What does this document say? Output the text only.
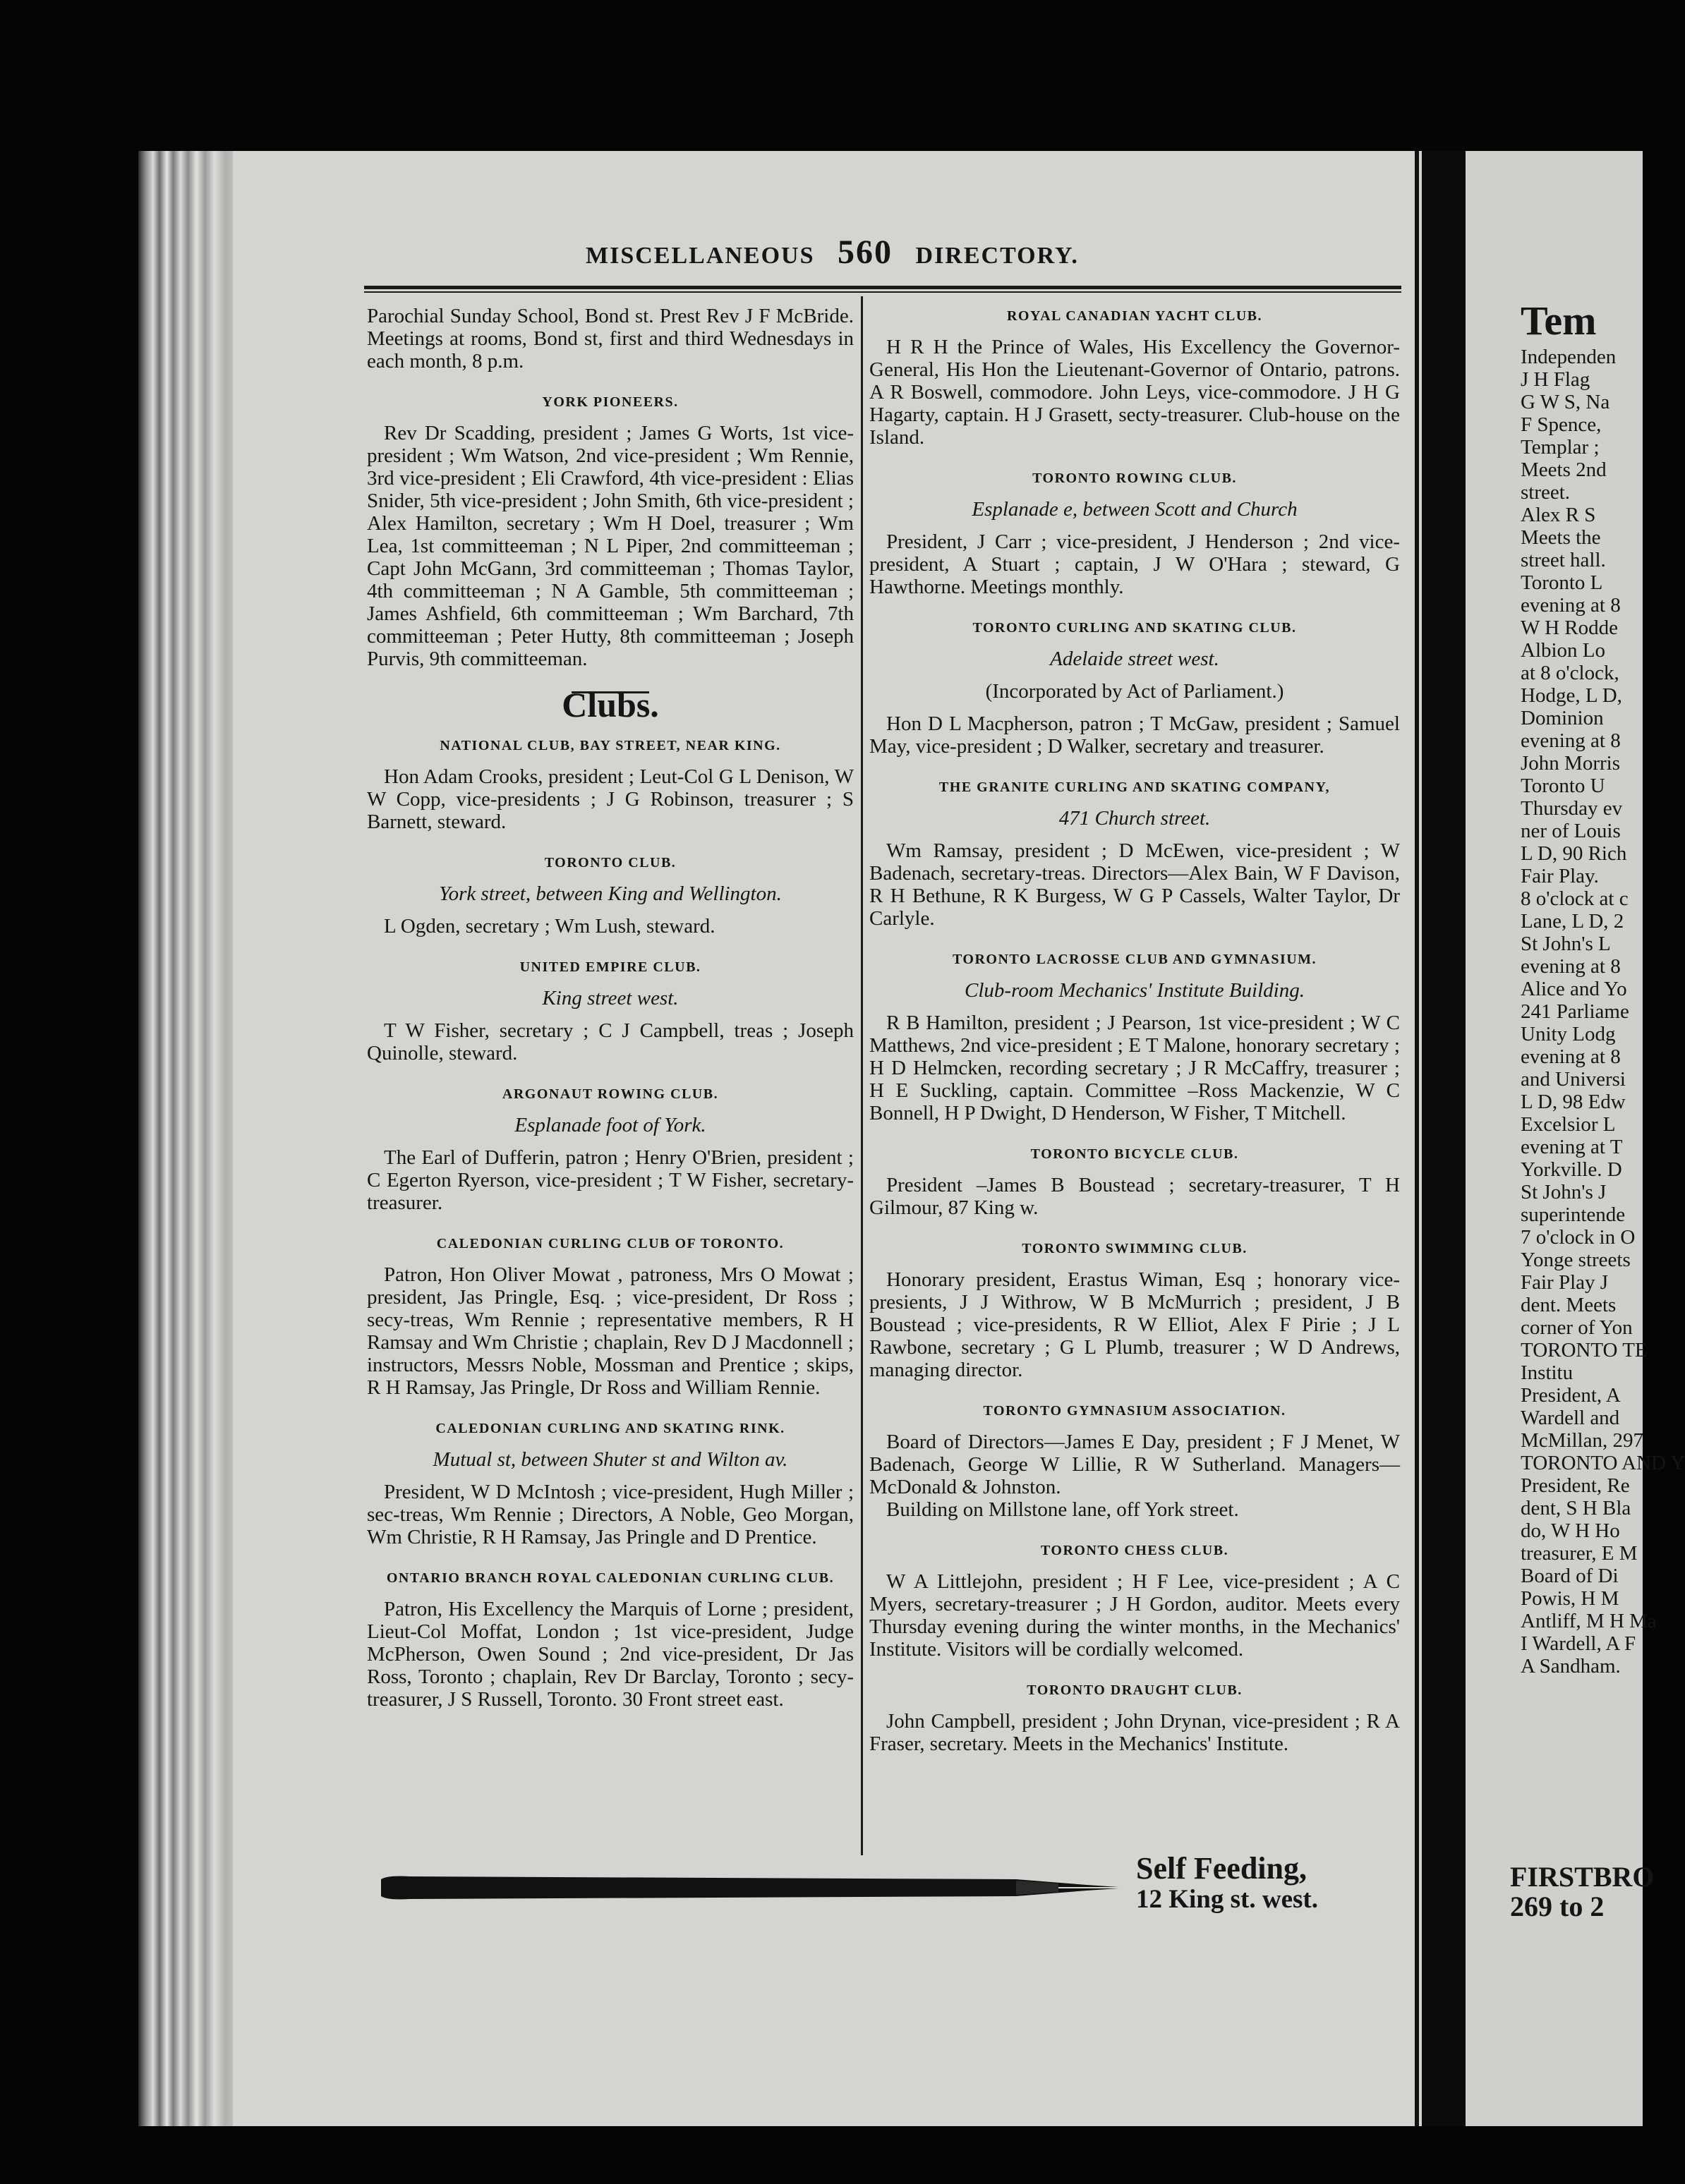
MISCELLANEOUS 560 DIRECTORY.

Parochial Sunday School, Bond st. Prest Rev J F McBride. Meetings at rooms, Bond st, first and third Wednesdays in each month, 8 p.m.

YORK PIONEERS.

Rev Dr Scadding, president ; James G Worts, 1st vice-president ; Wm Watson, 2nd vice-president ; Wm Rennie, 3rd vice-president ; Eli Crawford, 4th vice-president : Elias Snider, 5th vice-president ; John Smith, 6th vice-president ; Alex Hamilton, secretary ; Wm H Doel, treasurer ; Wm Lea, 1st committeeman ; N L Piper, 2nd committeeman ; Capt John McGann, 3rd committeeman ; Thomas Taylor, 4th committeeman ; N A Gamble, 5th committeeman ; James Ashfield, 6th committeeman ; Wm Barchard, 7th committeeman ; Peter Hutty, 8th committeeman ; Joseph Purvis, 9th committeeman.

Clubs.
NATIONAL CLUB, BAY STREET, NEAR KING.

Hon Adam Crooks, president ; Leut-Col G L Denison, W W Copp, vice-presidents ; J G Robinson, treasurer ; S Barnett, steward.

TORONTO CLUB.
York street, between King and Wellington.

L Ogden, secretary ; Wm Lush, steward.

UNITED EMPIRE CLUB.
King street west.

T W Fisher, secretary ; C J Campbell, treas ; Joseph Quinolle, steward.

ARGONAUT ROWING CLUB.
Esplanade foot of York.

The Earl of Dufferin, patron ; Henry O'Brien, president ; C Egerton Ryerson, vice-president ; T W Fisher, secretary-treasurer.

CALEDONIAN CURLING CLUB OF TORONTO.

Patron, Hon Oliver Mowat , patroness, Mrs O Mowat ; president, Jas Pringle, Esq. ; vice-president, Dr Ross ; secy-treas, Wm Rennie ; representative members, R H Ramsay and Wm Christie ; chaplain, Rev D J Macdonnell ; instructors, Messrs Noble, Mossman and Prentice ; skips, R H Ramsay, Jas Pringle, Dr Ross and William Rennie.

CALEDONIAN CURLING AND SKATING RINK.
Mutual st, between Shuter st and Wilton av.

President, W D McIntosh ; vice-president, Hugh Miller ; sec-treas, Wm Rennie ; Directors, A Noble, Geo Morgan, Wm Christie, R H Ramsay, Jas Pringle and D Prentice.

ONTARIO BRANCH ROYAL CALEDONIAN CURLING CLUB.

Patron, His Excellency the Marquis of Lorne ; president, Lieut-Col Moffat, London ; 1st vice-president, Judge McPherson, Owen Sound ; 2nd vice-president, Dr Jas Ross, Toronto ; chaplain, Rev Dr Barclay, Toronto ; secy-treasurer, J S Russell, Toronto. 30 Front street east.

ROYAL CANADIAN YACHT CLUB.

H R H the Prince of Wales, His Excellency the Governor-General, His Hon the Lieutenant-Governor of Ontario, patrons. A R Boswell, commodore. John Leys, vice-commodore. J H G Hagarty, captain. H J Grasett, secty-treasurer. Club-house on the Island.

TORONTO ROWING CLUB.
Esplanade e, between Scott and Church

President, J Carr ; vice-president, J Henderson ; 2nd vice-president, A Stuart ; captain, J W O'Hara ; steward, G Hawthorne. Meetings monthly.

TORONTO CURLING AND SKATING CLUB.
Adelaide street west.
(Incorporated by Act of Parliament.)

Hon D L Macpherson, patron ; T McGaw, president ; Samuel May, vice-president ; D Walker, secretary and treasurer.

THE GRANITE CURLING AND SKATING COMPANY,
471 Church street.

Wm Ramsay, president ; D McEwen, vice-president ; W Badenach, secretary-treas. Directors—Alex Bain, W F Davison, R H Bethune, R K Burgess, W G P Cassels, Walter Taylor, Dr Carlyle.

TORONTO LACROSSE CLUB AND GYMNASIUM.
Club-room Mechanics' Institute Building.

R B Hamilton, president ; J Pearson, 1st vice-president ; W C Matthews, 2nd vice-president ; E T Malone, honorary secretary ; H D Helmcken, recording secretary ; J R McCaffry, treasurer ; H E Suckling, captain. Committee –Ross Mackenzie, W C Bonnell, H P Dwight, D Henderson, W Fisher, T Mitchell.

TORONTO BICYCLE CLUB.

President –James B Boustead ; secretary-treasurer, T H Gilmour, 87 King w.

TORONTO SWIMMING CLUB.

Honorary president, Erastus Wiman, Esq ; honorary vice-presients, J J Withrow, W B McMurrich ; president, J B Boustead ; vice-presidents, R W Elliot, Alex F Pirie ; J L Rawbone, secretary ; G L Plumb, treasurer ; W D Andrews, managing director.

TORONTO GYMNASIUM ASSOCIATION.

Board of Directors—James E Day, president ; F J Menet, W Badenach, George W Lillie, R W Sutherland. Managers—McDonald & Johnston.

Building on Millstone lane, off York street.

TORONTO CHESS CLUB.

W A Littlejohn, president ; H F Lee, vice-president ; A C Myers, secretary-treasurer ; J H Gordon, auditor. Meets every Thursday evening during the winter months, in the Mechanics' Institute. Visitors will be cordially welcomed.

TORONTO DRAUGHT CLUB.

John Campbell, president ; John Drynan, vice-president ; R A Fraser, secretary. Meets in the Mechanics' Institute.

Self Feeding,
12 King st. west.
Tem
Independen
J H Flag
G W S, Na
F Spence,
Templar ;
Meets 2nd
street.
Alex R S
Meets the
street hall.
Toronto L
evening at 8
W H Rodde
Albion Lo
at 8 o'clock,
Hodge, L D,
Dominion
evening at 8
John Morris
Toronto U
Thursday ev
ner of Louis
L D, 90 Rich
Fair Play.
8 o'clock at c
Lane, L D, 2
St John's L
evening at 8
Alice and Yo
241 Parliame
Unity Lodg
evening at 8
and Universi
L D, 98 Edw
Excelsior L
evening at T
Yorkville. D
St John's J
superintende
7 o'clock in O
Yonge streets
Fair Play J
dent. Meets
corner of Yon
TORONTO TE
Institu
President, A
Wardell and
McMillan, 297
TORONTO AND Y
President, Re
dent, S H Bla
do, W H Ho
treasurer, E M
Board of Di
Powis, H M
Antliff, M H Ma
I Wardell, A F
A Sandham.
FIRSTBRO
269 to 2
